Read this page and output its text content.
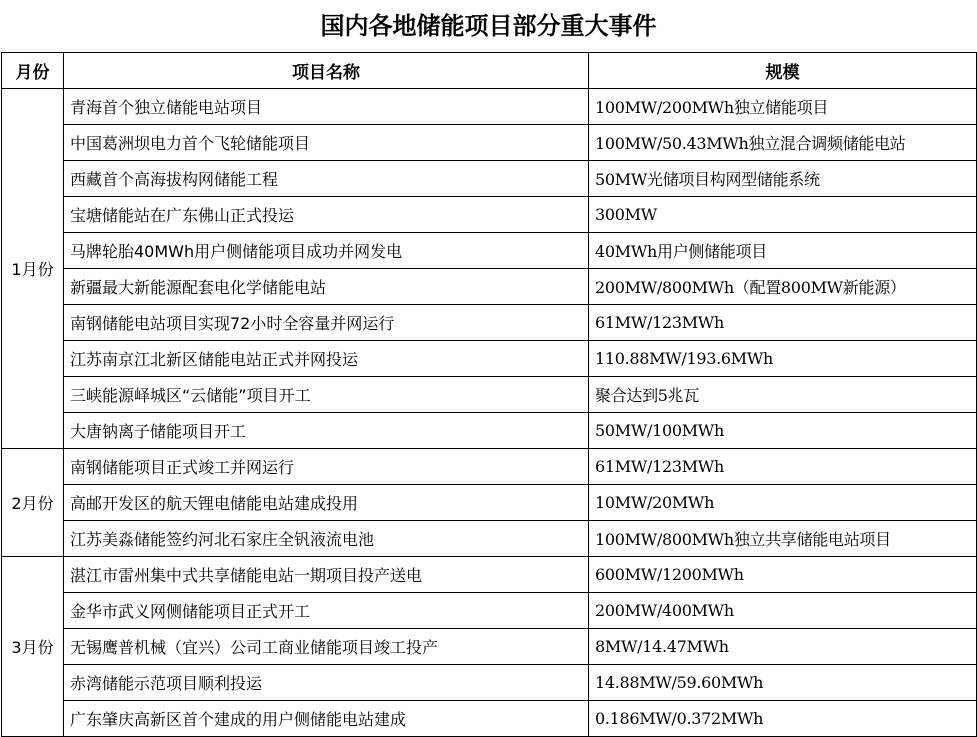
国内各地储能项目部分重大事件
月份	项目名称	规模
1月份	青海首个独立储能电站项目	100MW/200MWh独立储能项目
	中国葛洲坝电力首个飞轮储能项目	100MW/50.43MWh独立混合调频储能电站
	西藏首个高海拔构网储能工程	50MW光储项目构网型储能系统
	宝塘储能站在广东佛山正式投运	300MW
	马牌轮胎40MWh用户侧储能项目成功并网发电	40MWh用户侧储能项目
	新疆最大新能源配套电化学储能电站	200MW/800MWh（配置800MW新能源）
	南钢储能电站项目实现72小时全容量并网运行	61MW/123MWh
	江苏南京江北新区储能电站正式并网投运	110.88MW/193.6MWh
	三峡能源峄城区“云储能”项目开工	聚合达到5兆瓦
	大唐钠离子储能项目开工	50MW/100MWh
2月份	南钢储能项目正式竣工并网运行	61MW/123MWh
	高邮开发区的航天锂电储能电站建成投用	10MW/20MWh
	江苏美淼储能签约河北石家庄全钒液流电池	100MW/800MWh独立共享储能电站项目
3月份	湛江市雷州集中式共享储能电站一期项目投产送电	600MW/1200MWh
	金华市武义网侧储能项目正式开工	200MW/400MWh
	无锡鹰普机械（宜兴）公司工商业储能项目竣工投产	8MW/14.47MWh
	赤湾储能示范项目顺利投运	14.88MW/59.60MWh
	广东肇庆高新区首个建成的用户侧储能电站建成	0.186MW/0.372MWh
